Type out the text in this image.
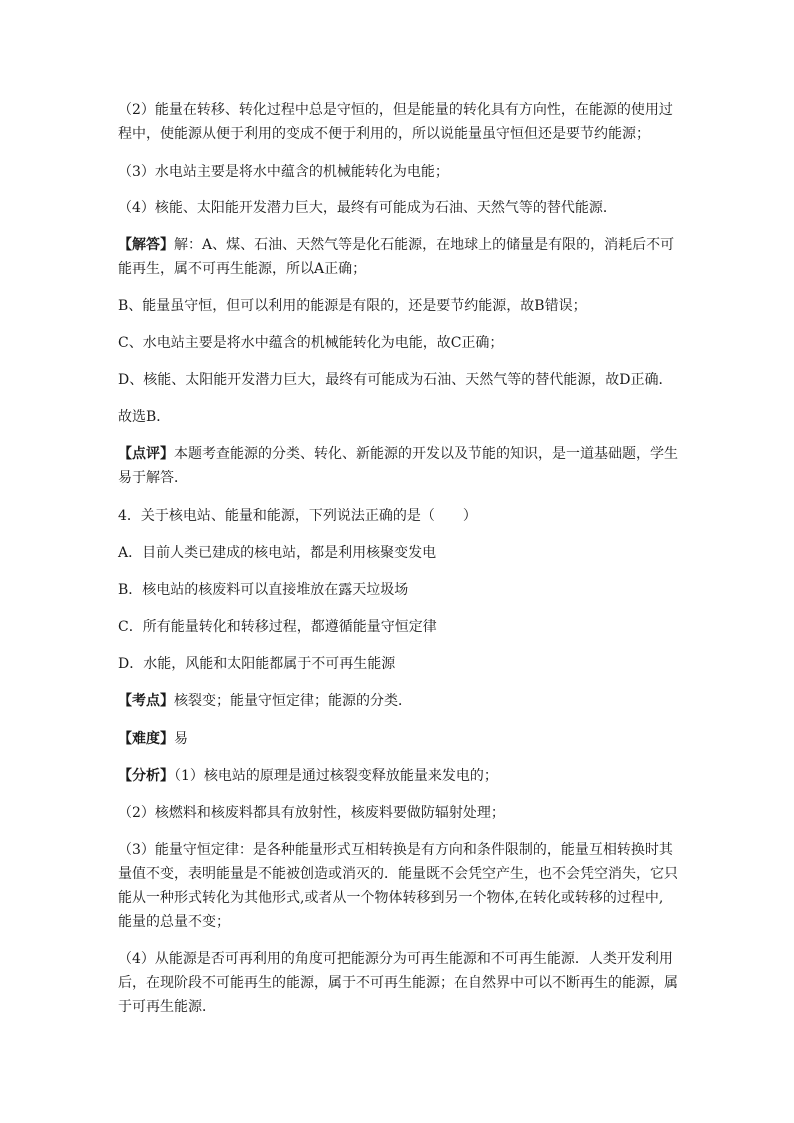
（2）能量在转移、转化过程中总是守恒的，但是能量的转化具有方向性，在能源的使用过
程中，使能源从便于利用的变成不便于利用的，所以说能量虽守恒但还是要节约能源；

（3）水电站主要是将水中蕴含的机械能转化为电能；

（4）核能、太阳能开发潜力巨大，最终有可能成为石油、天然气等的替代能源．

【解答】解：A、煤、石油、天然气等是化石能源，在地球上的储量是有限的，消耗后不可
能再生，属不可再生能源，所以A正确；

B、能量虽守恒，但可以利用的能源是有限的，还是要节约能源，故B错误；

C、水电站主要是将水中蕴含的机械能转化为电能，故C正确；

D、核能、太阳能开发潜力巨大，最终有可能成为石油、天然气等的替代能源，故D正确．

故选B．

【点评】本题考查能源的分类、转化、新能源的开发以及节能的知识，是一道基础题，学生
易于解答．

4．关于核电站、能量和能源，下列说法正确的是（　　）

A．目前人类已建成的核电站，都是利用核聚变发电

B．核电站的核废料可以直接堆放在露天垃圾场

C．所有能量转化和转移过程，都遵循能量守恒定律

D．水能，风能和太阳能都属于不可再生能源

【考点】核裂变；能量守恒定律；能源的分类．

【难度】易

【分析】（1）核电站的原理是通过核裂变释放能量来发电的；

（2）核燃料和核废料都具有放射性，核废料要做防辐射处理；

（3）能量守恒定律：是各种能量形式互相转换是有方向和条件限制的，能量互相转换时其
量值不变，表明能量是不能被创造或消灭的．能量既不会凭空产生，也不会凭空消失，它只
能从一种形式转化为其他形式,或者从一个物体转移到另一个物体,在转化或转移的过程中,
能量的总量不变；

（4）从能源是否可再利用的角度可把能源分为可再生能源和不可再生能源．人类开发利用
后，在现阶段不可能再生的能源，属于不可再生能源；在自然界中可以不断再生的能源，属
于可再生能源．
